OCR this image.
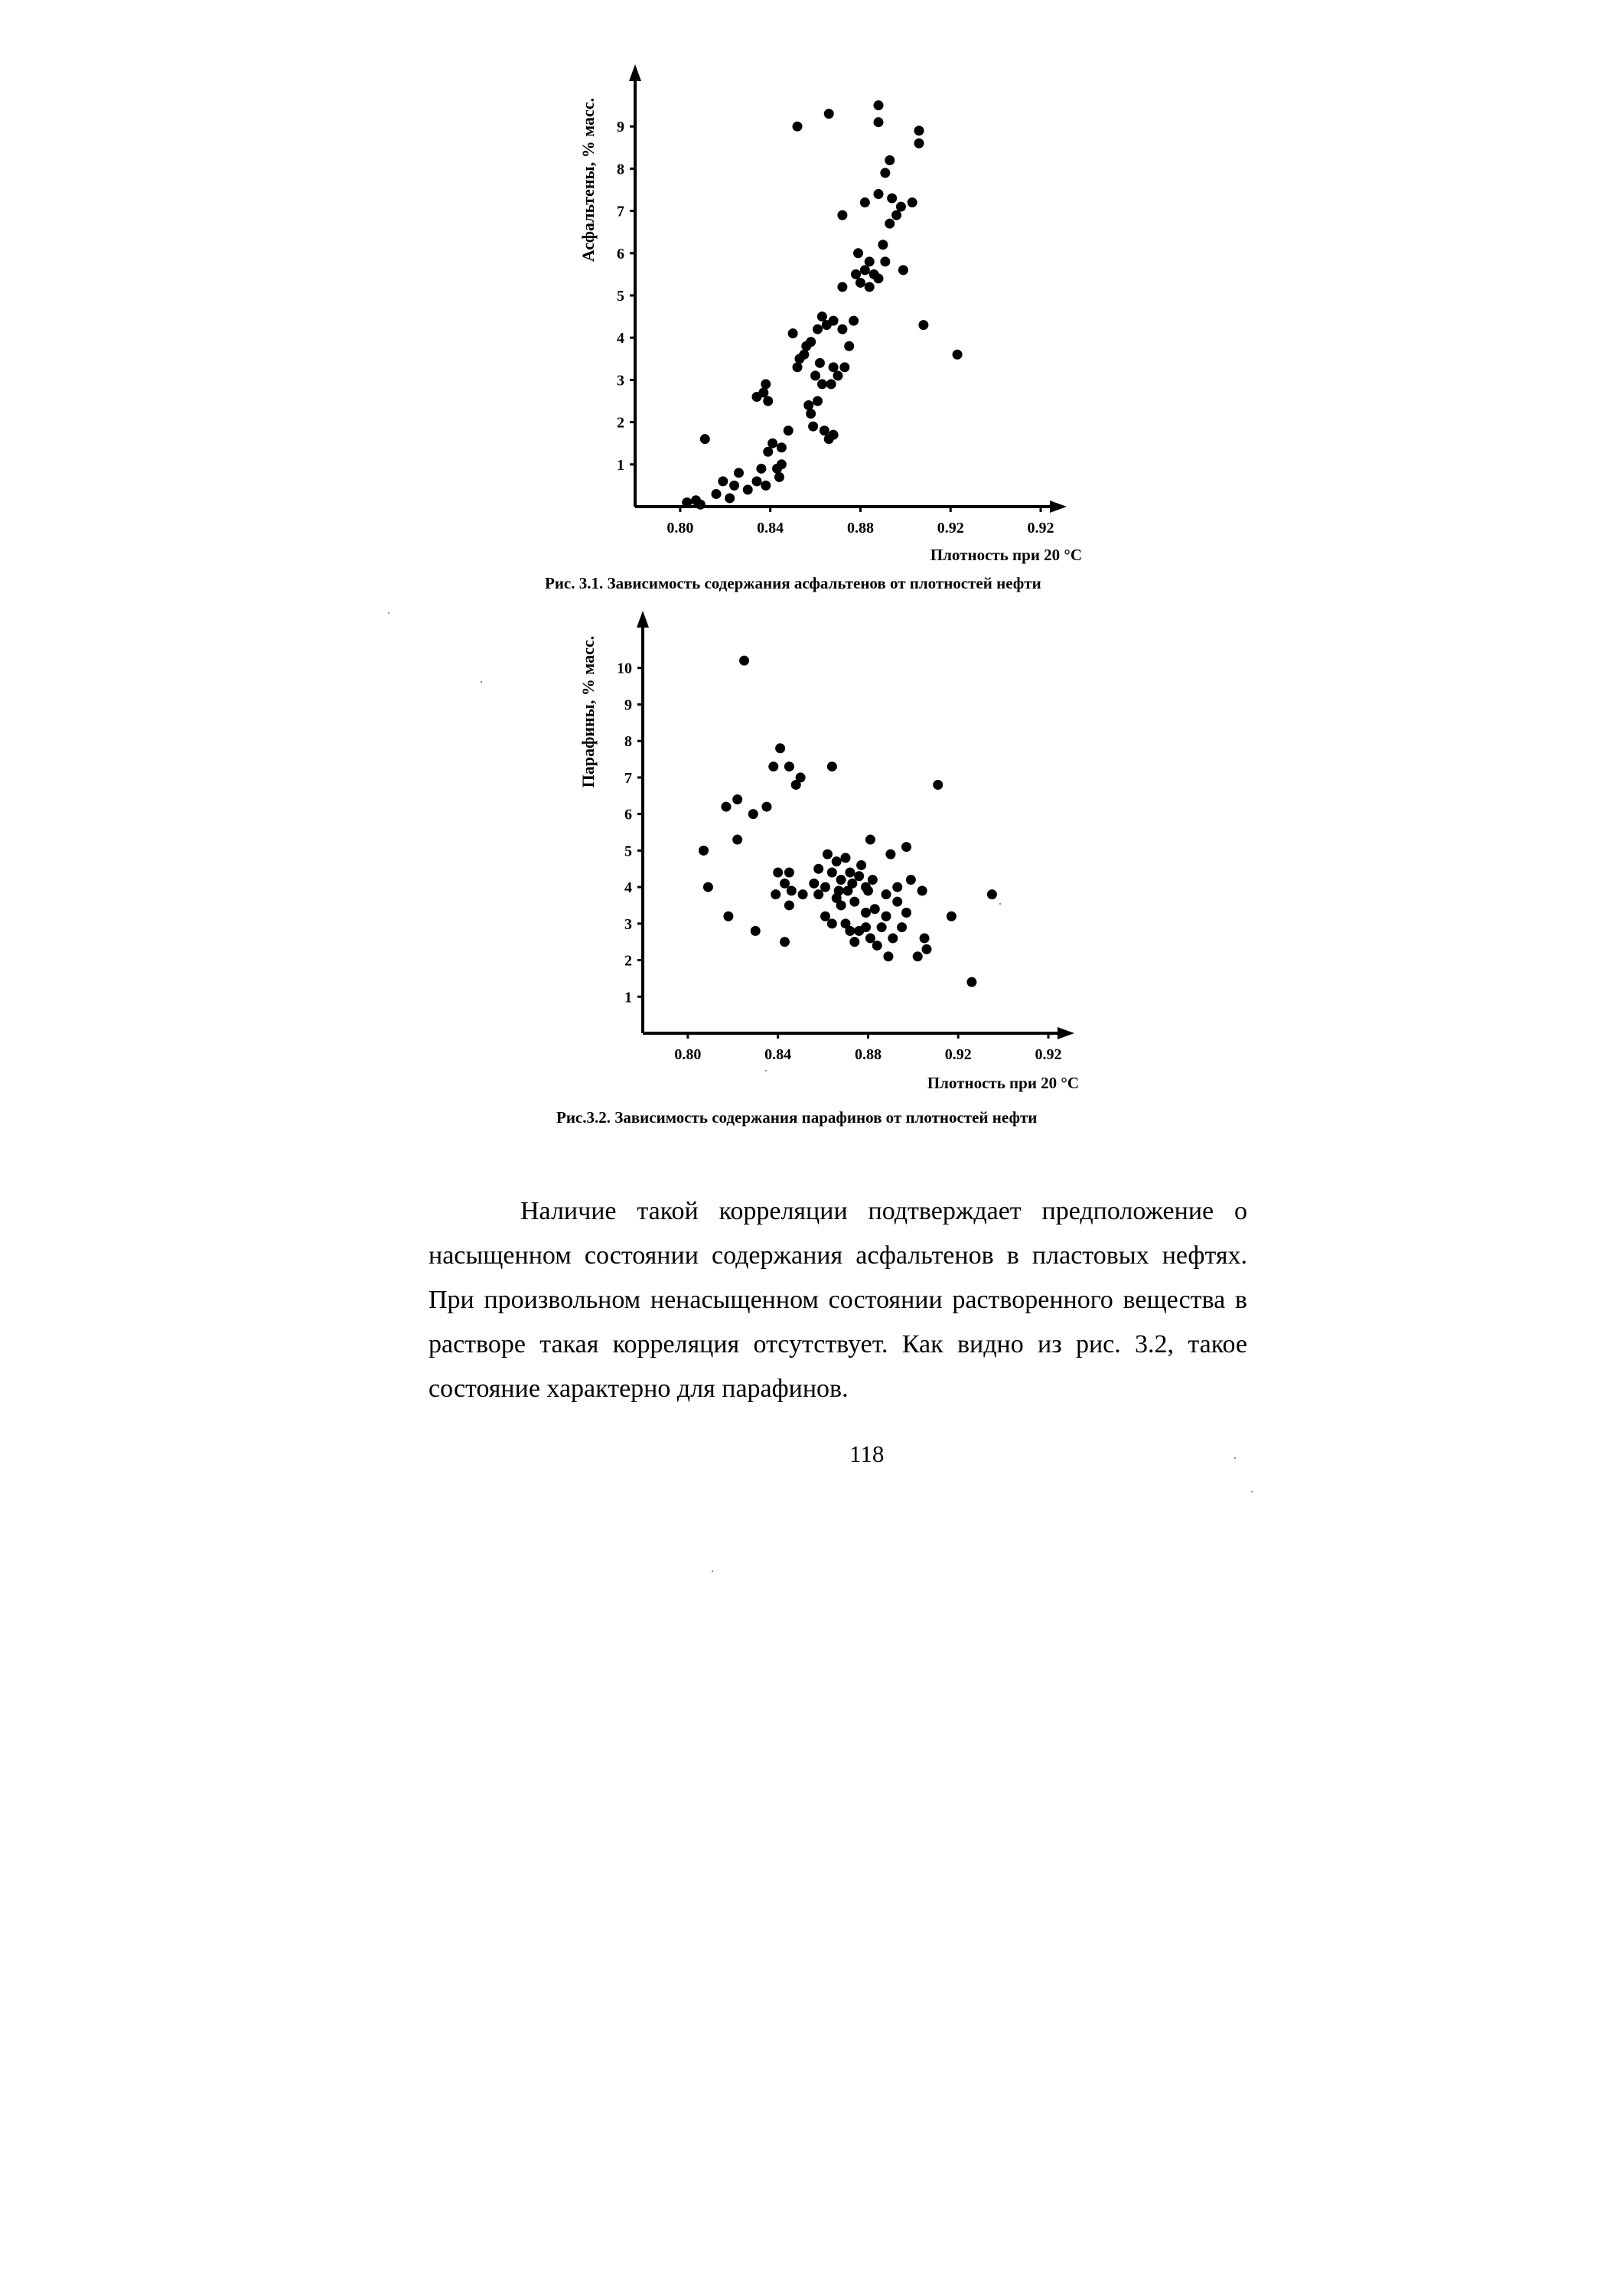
0.80	0.84	0.88	0.92	0.92
1
2
3
4
5
6
7
8
9
Асфальтены, % масс.
Плотность при 20 °С
Рис. 3.1. Зависимость содержания асфальтенов от плотностей нефти
0.80	0.84	0.88	0.92	0.92
1
2
3
4
5
6
7
8
9
10
Парафины, % масс.
Плотность при 20 °С
Рис.3.2. Зависимость содержания парафинов от плотностей нефти

Наличие такой корреляции подтверждает предположение о насыщенном состоянии содержания асфальтенов в пластовых нефтях. При произвольном ненасыщенном состоянии растворенного вещества в растворе такая корреляция отсутствует. Как видно из рис. 3.2, такое состояние характерно для парафинов.

118
